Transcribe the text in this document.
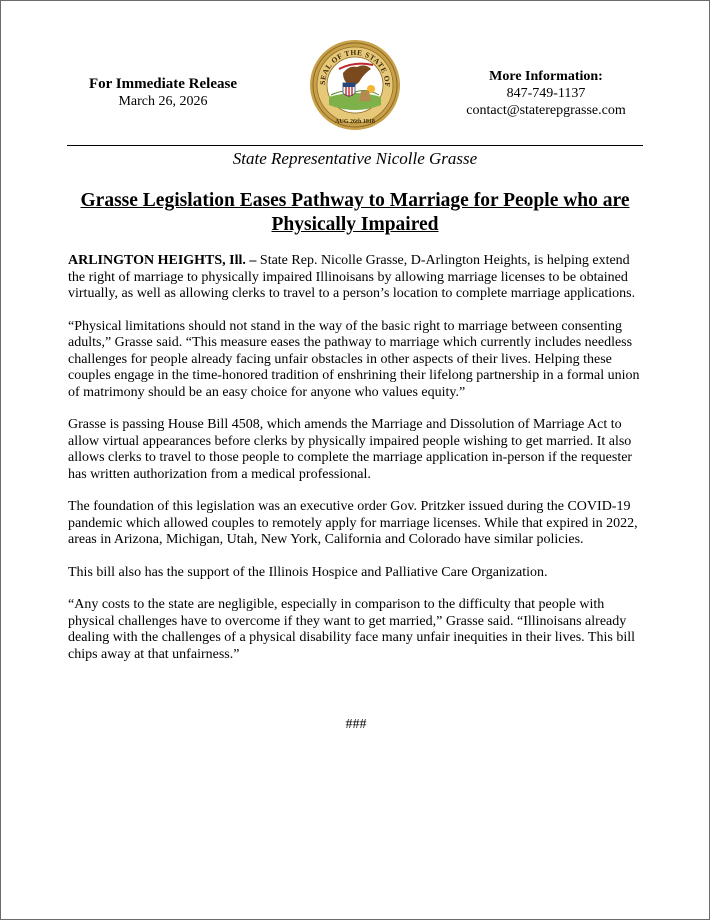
For Immediate Release
March 26, 2026
SEAL OF THE STATE OF
AUG 26th 1818
More Information:
847-749-1137
contact@staterepgrasse.com
State Representative Nicolle Grasse
Grasse Legislation Eases Pathway to Marriage for People who are Physically Impaired

ARLINGTON HEIGHTS, Ill. – State Rep. Nicolle Grasse, D-Arlington Heights, is helping extend the right of marriage to physically impaired Illinoisans by allowing marriage licenses to be obtained virtually, as well as allowing clerks to travel to a person’s location to complete marriage applications.

“Physical limitations should not stand in the way of the basic right to marriage between consenting adults,” Grasse said. “This measure eases the pathway to marriage which currently includes needless challenges for people already facing unfair obstacles in other aspects of their lives. Helping these couples engage in the time-honored tradition of enshrining their lifelong partnership in a formal union of matrimony should be an easy choice for anyone who values equity.”

Grasse is passing House Bill 4508, which amends the Marriage and Dissolution of Marriage Act to allow virtual appearances before clerks by physically impaired people wishing to get married. It also allows clerks to travel to those people to complete the marriage application in-person if the requester has written authorization from a medical professional.

The foundation of this legislation was an executive order Gov. Pritzker issued during the COVID-19 pandemic which allowed couples to remotely apply for marriage licenses. While that expired in 2022, areas in Arizona, Michigan, Utah, New York, California and Colorado have similar policies.

This bill also has the support of the Illinois Hospice and Palliative Care Organization.

“Any costs to the state are negligible, especially in comparison to the difficulty that people with physical challenges have to overcome if they want to get married,” Grasse said. “Illinoisans already dealing with the challenges of a physical disability face many unfair inequities in their lives. This bill chips away at that unfairness.”

###
